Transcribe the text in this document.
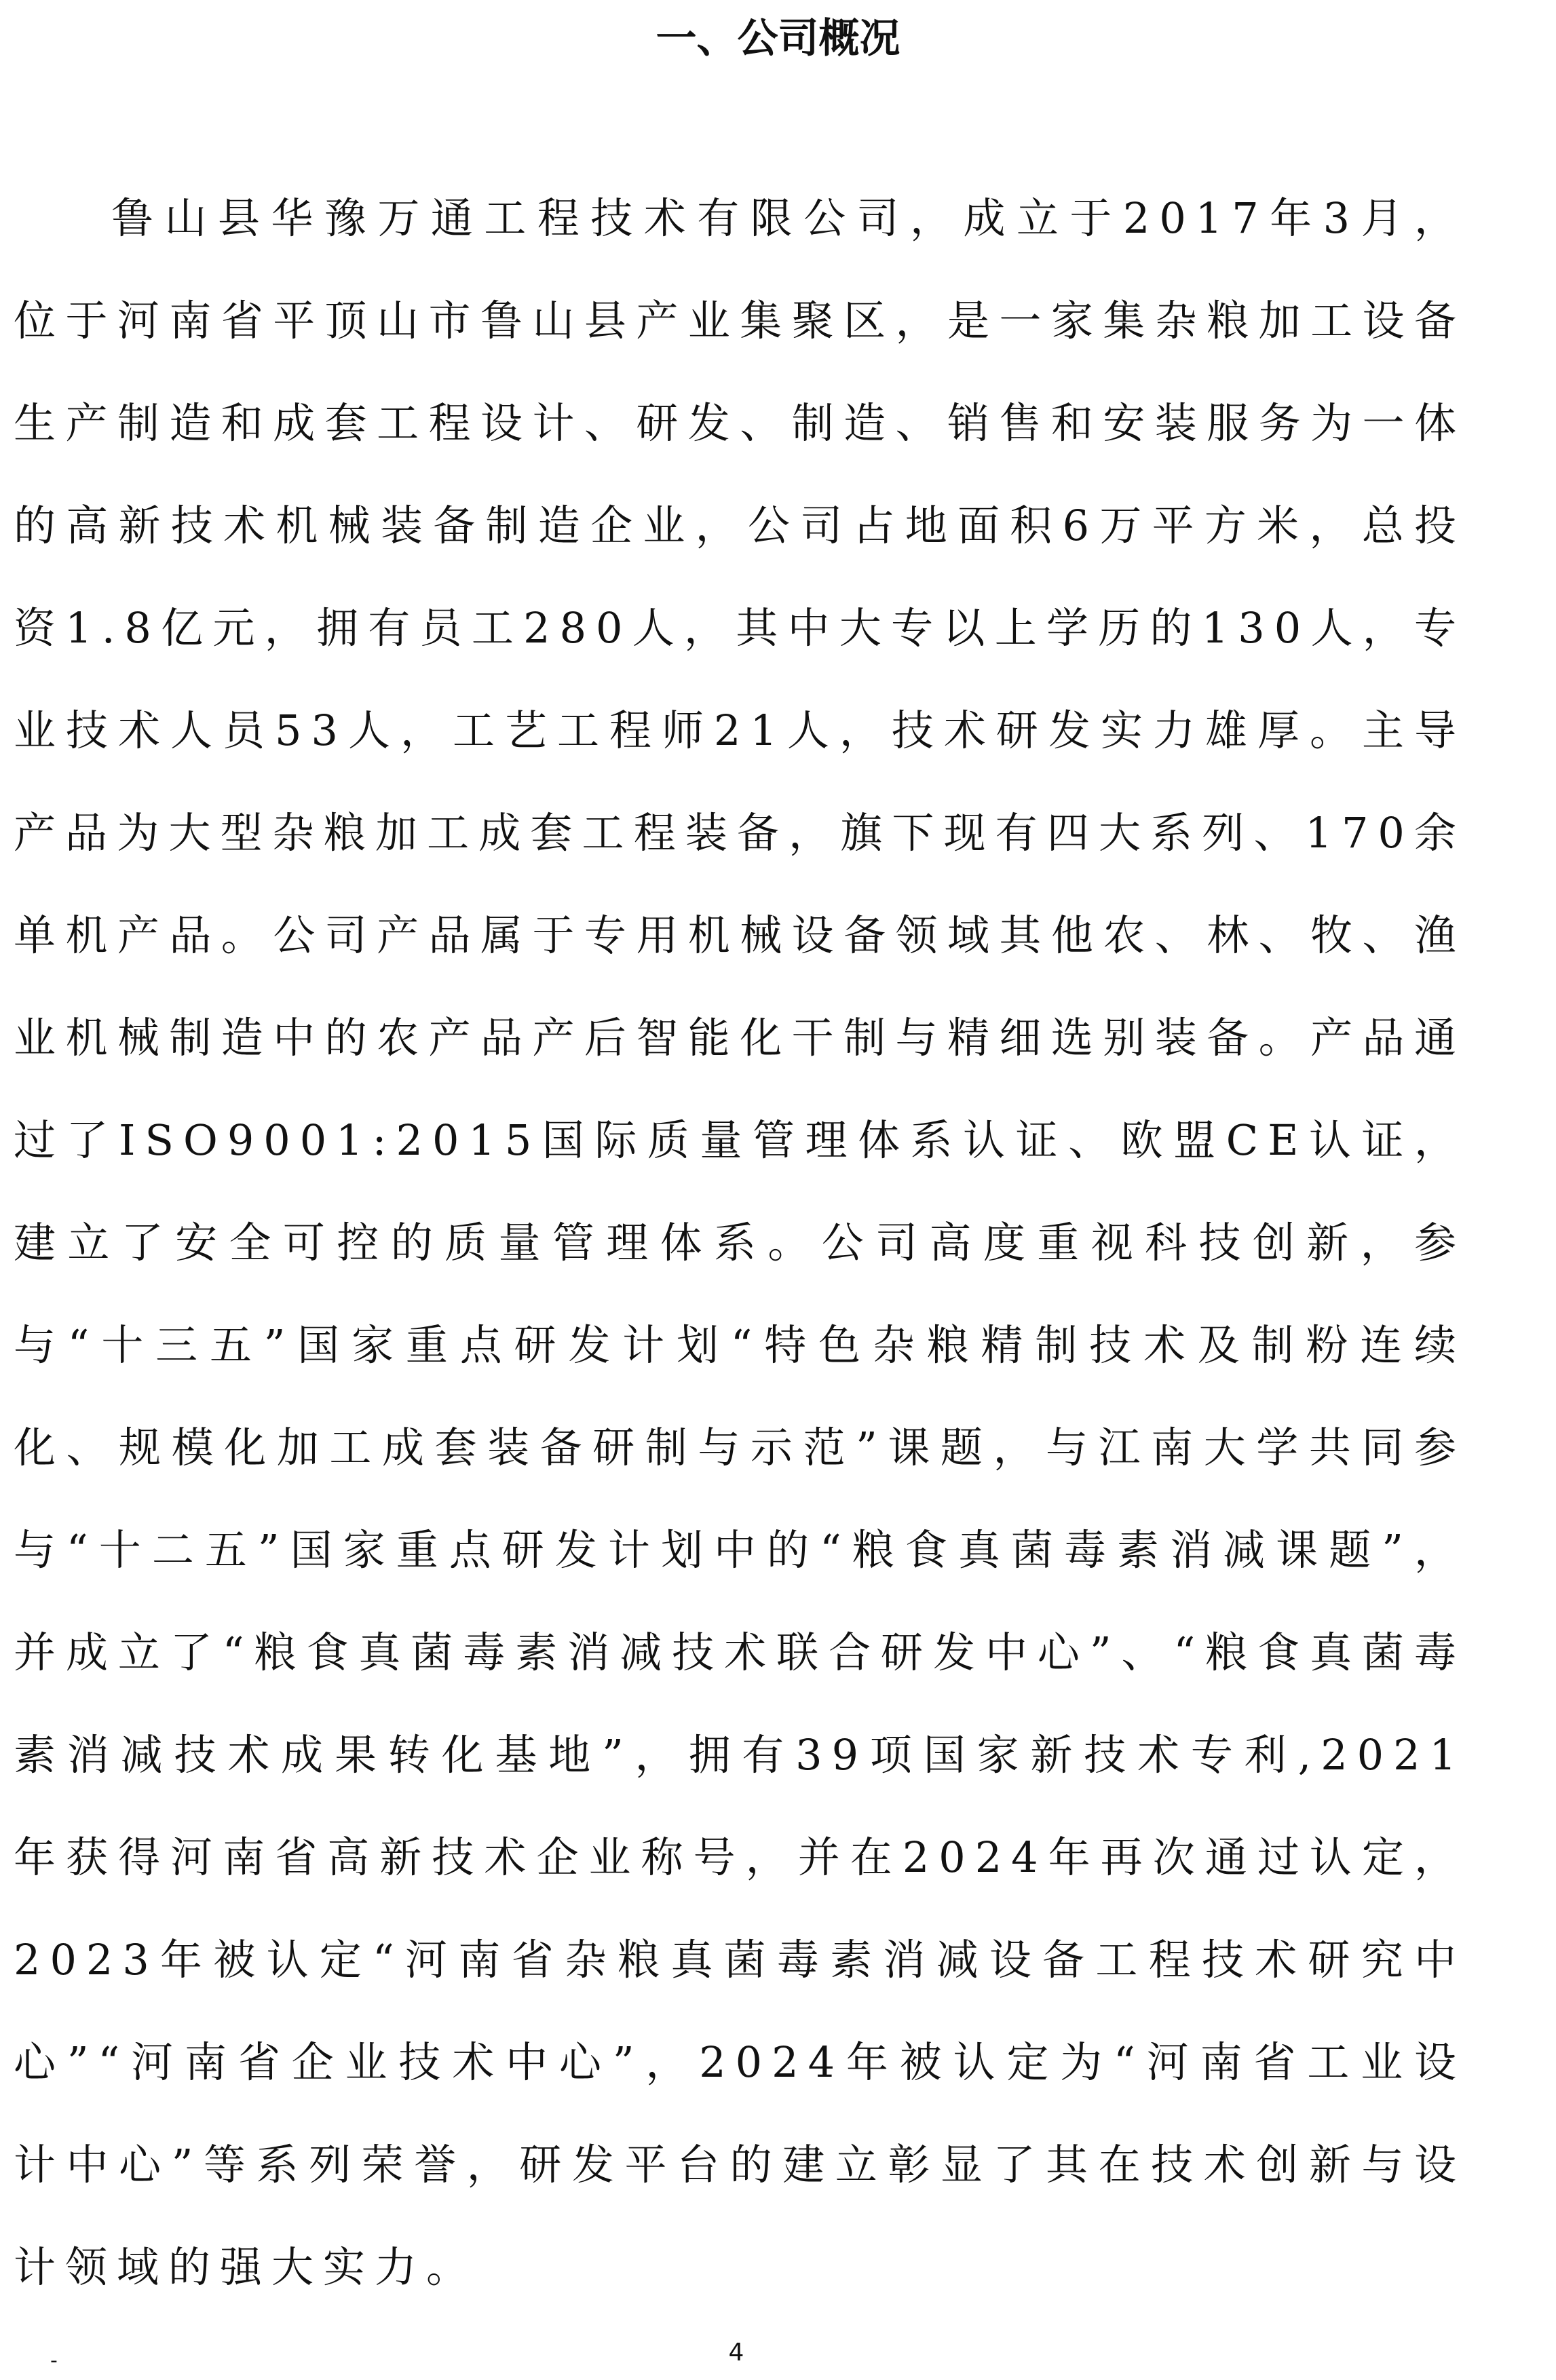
一、公司概况

鲁山县华豫万通工程技术有限公司，成立于2017年3月，位于河南省平顶山市鲁山县产业集聚区，是一家集杂粮加工设备生产制造和成套工程设计、研发、制造、销售和安装服务为一体的高新技术机械装备制造企业，公司占地面积6万平方米，总投资1.8亿元，拥有员工280人，其中大专以上学历的130人，专业技术人员53人，工艺工程师21人，技术研发实力雄厚。主导产品为大型杂粮加工成套工程装备，旗下现有四大系列、170余单机产品。公司产品属于专用机械设备领域其他农、林、牧、渔业机械制造中的农产品产后智能化干制与精细选别装备。产品通过了ISO9001:2015国际质量管理体系认证、欧盟CE认证，建立了安全可控的质量管理体系。公司高度重视科技创新，参与“十三五”国家重点研发计划“特色杂粮精制技术及制粉连续化、规模化加工成套装备研制与示范”课题，与江南大学共同参与“十二五”国家重点研发计划中的“粮食真菌毒素消减课题”，并成立了“粮食真菌毒素消减技术联合研发中心”、“粮食真菌毒素消减技术成果转化基地”，拥有39项国家新技术专利,2021年获得河南省高新技术企业称号，并在2024年再次通过认定，2023年被认定“河南省杂粮真菌毒素消减设备工程技术研究中心”“河南省企业技术中心”，2024年被认定为“河南省工业设计中心”等系列荣誉，研发平台的建立彰显了其在技术创新与设计领域的强大实力。

-	4
